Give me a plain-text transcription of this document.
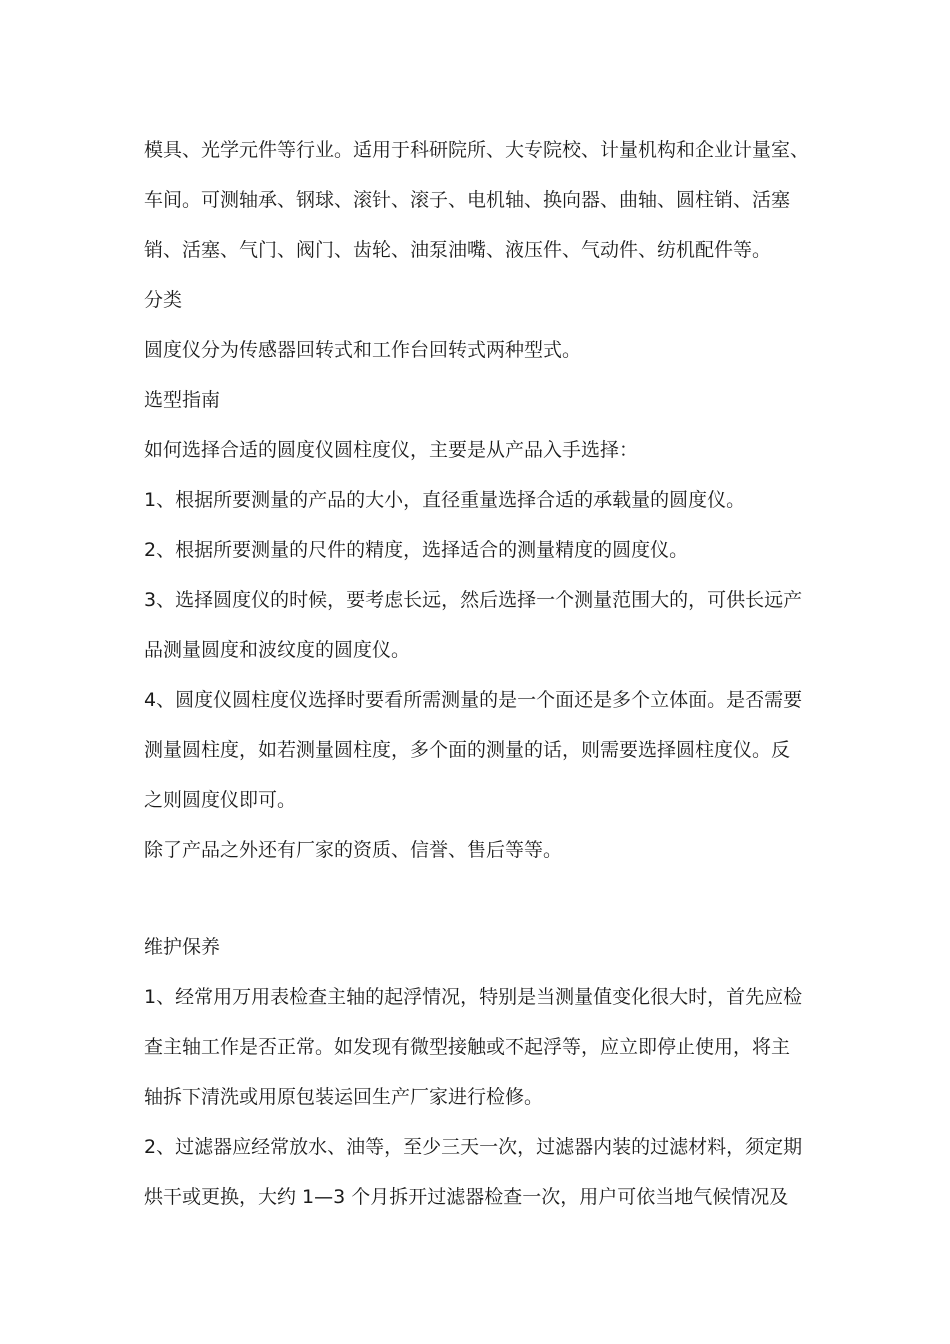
模具、光学元件等行业。适用于科研院所、大专院校、计量机构和企业计量室、
车间。可测轴承、钢球、滚针、滚子、电机轴、换向器、曲轴、圆柱销、活塞
销、活塞、气门、阀门、齿轮、油泵油嘴、液压件、气动件、纺机配件等。
分类
圆度仪分为传感器回转式和工作台回转式两种型式。
选型指南
如何选择合适的圆度仪圆柱度仪，主要是从产品入手选择：
1、根据所要测量的产品的大小，直径重量选择合适的承载量的圆度仪。
2、根据所要测量的尺件的精度，选择适合的测量精度的圆度仪。
3、选择圆度仪的时候，要考虑长远，然后选择一个测量范围大的，可供长远产
品测量圆度和波纹度的圆度仪。
4、圆度仪圆柱度仪选择时要看所需测量的是一个面还是多个立体面。是否需要
测量圆柱度，如若测量圆柱度，多个面的测量的话，则需要选择圆柱度仪。反
之则圆度仪即可。
除了产品之外还有厂家的资质、信誉、售后等等。
维护保养
1、经常用万用表检查主轴的起浮情况，特别是当测量值变化很大时，首先应检
查主轴工作是否正常。如发现有微型接触或不起浮等，应立即停止使用，将主
轴拆下清洗或用原包装运回生产厂家进行检修。
2、过滤器应经常放水、油等，至少三天一次，过滤器内装的过滤材料，须定期
烘干或更换，大约 1—3 个月拆开过滤器检查一次，用户可依当地气候情况及
